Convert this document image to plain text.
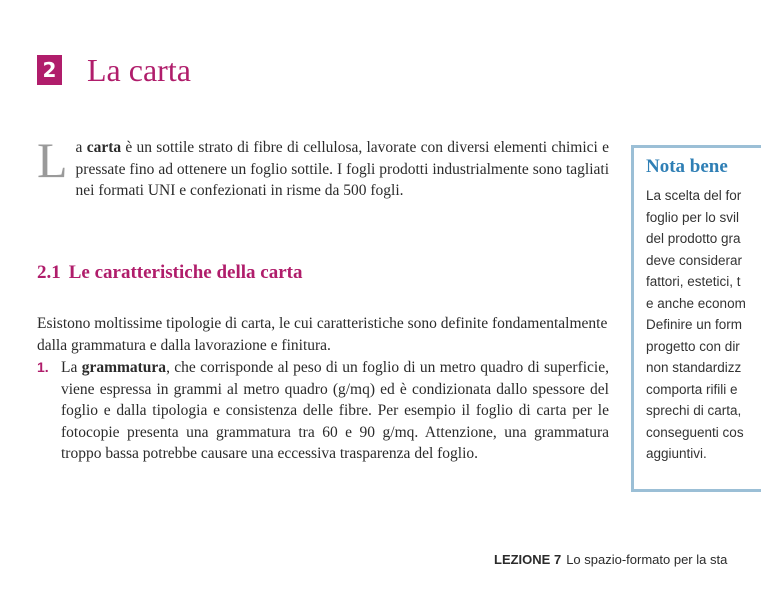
2 La carta
La carta è un sottile strato di fibre di cellulosa, lavorate con diversi elementi chimici e pressate fino ad ottenere un foglio sottile. I fogli prodotti industrialmente sono tagliati nei formati UNI e confezionati in risme da 500 fogli.
2.1 Le caratteristiche della carta
Esistono moltissime tipologie di carta, le cui caratteristiche sono definite fondamentalmente dalla grammatura e dalla lavorazione e finitura.
1. La grammatura, che corrisponde al peso di un foglio di un metro quadro di superficie, viene espressa in grammi al metro quadro (g/mq) ed è condizionata dallo spessore del foglio e dalla tipologia e consistenza delle fibre. Per esempio il foglio di carta per le fotocopie presenta una grammatura tra 60 e 90 g/mq. Attenzione, una grammatura troppo bassa potrebbe causare una eccessiva trasparenza del foglio.
Nota bene
La scelta del for
foglio per lo svil
del prodotto gra
deve considerar
fattori, estetici, t
e anche econom
Definire un form
progetto con dir
non standardizz
comporta rifili e
sprechi di carta,
conseguenti cos
aggiuntivi.
LEZIONE 7 Lo spazio-formato per la sta
